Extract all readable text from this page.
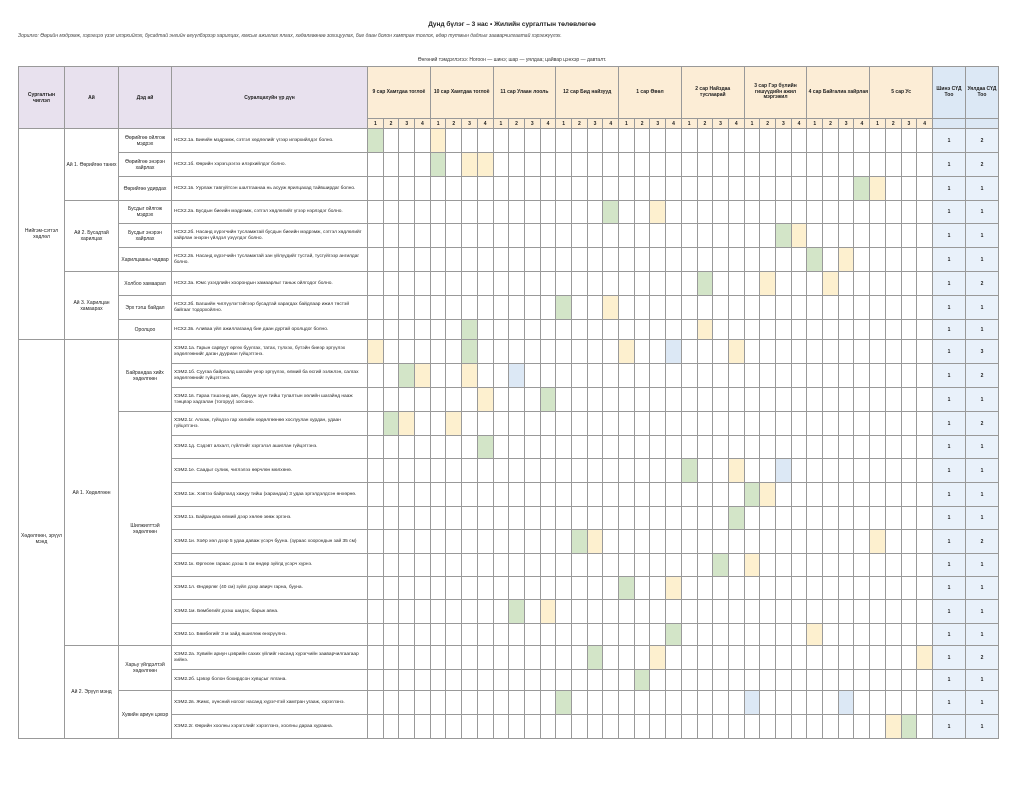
Дунд бүлэг – 3 нас • Жилийн сургалтын төлөвлөгөө
Зорилго: Өөрийн мэдрэмж, хэрэгцээ үзэл илэрхийлэх, бусадтай энгийн өгүүлбэрээр харилцах, юмсыг ажиглах ялгах, хөдөлгөөнөө зохицуулах, биe даан болон хамтран тоглох, өдөр тутмын дадлыг зааварчилгаатай хэрэгжүүлэх.
Өнгөний тэмдэглэгээ: Ногоон — шинэ; шар — уялдаа; цайвар цэнхэр — давталт.
Сургалтын чиглэл	Ай	Дэд ай	Суралцахуйн үр дүн	9 сар Хамтдаа тоглоё				10 сар Хамтдаа тоглоё				11 сар Улаан лооль				12 сар Бид найзууд				1 сар Өвөл				2 сар Найздаа туслаарай				3 сар Гэр бүлийн гишүүдийн ажил мэргэжил				4 сар Байгалиа хайрлая				5 сар Ус				Шинэ СҮД Тоо	Уялдаа СҮД Тоо
				1	2	3	4	1	2	3	4	1	2	3	4	1	2	3	4	1	2	3	4	1	2	3	4	1	2	3	4	1	2	3	4	1	2	3	4		
Нийгэм-сэтгэл хөдлөл	Ай 1. Өөрийгөө таних	Өөрийгөө ойлгож мэдрэх	НСХ2.1а. Биеийн мэдрэмж, сэтгэл хөдлөлийг үгээр илэрхийлдэг болно.																																					1	2
		Өөрийгөө энэрэн хайрлах	НСХ2.1б. Өөрийн хэрэгцээгээ илэрхийлдэг болно.																																					1	2
		Өөрийгөө удирдах	НСХ2.1в. Уурлаж тавгүйтсэн шалтгаанаа нь асууж ярилцахад тайвширдаг болно.																																					1	1
	Ай 2. Бусадтай харилцах	Бусдыг ойлгож мэдрэх	НСХ2.2а. Бусдын биеийн мэдрэмж, сэтгэл хөдлөлийг үгээр нэрлэдэг болно.																																					1	1
		Бусдыг энэрэн хайрлах	НСХ2.2б. Насанд хүрэгчийн тусламжтай бусдын биеийн мэдрэмж, сэтгэл хөдлөлийг хайрлан энэрэн үйлдэл үзүүлдэг болно.																																					1	1
		Харилцааны чадвар	НСХ2.2в. Насанд хүрэгчийн тусламжтай зан үйлүүдийг тустай, тусгүйгээр ангилдаг болно.																																					1	1
	Ай 3. Харилцан хамаарах	Холбоо хамаарал	НСХ2.3а. Юмс үзэгдлийн хоорондын хамаарлыг таньж ойлгодог болно.																																					1	2
		Эрх тэгш байдал	НСХ2.3б. Багшийн чиглүүлэгтэйгээр бусадтай харагдах байдлаар ижил төстэй байгааг тодорхойлно.																																					1	1
		Оролцоо	НСХ2.3в. Аливаа үйл ажиллагаанд бие даан дуртай оролцдог болно.																																					1	1
Хөдөлгөөн, эрүүл мэнд	Ай 1. Хөдөлгөөн	Байрандаа хийх хөдөлгөөн	ХЭМ2.1а. Гарын сарвуут өргөх буулгах, татах, түлхэх, бүтэйн биеэр эргүүлэх хөдөлгөөнийг даган дууриан гүйцэтгэнэ.																																					1	3
			ХЭМ2.1б. Суугаа байрлалд шагайн үеэр эргүүлэх, өлмий ба өсгий ээлжлэн, салгах хөдөлгөөнийг гүйцэтгэнэ.																																					1	2
			ХЭМ2.1в. Гараа тэшээнд авч, баруун зүүн тийш тулалтын хөлийн шагайнд нааж тэнцвэр хадгалан (тогоруу) зогсоно.																																					1	1
		Шилжилттэй хөдөлгөөн	ХЭМ2.1г. Алхаж, гүйхдээ гар хөлийн хөдөлгөөнөө хослуулан хурдан, удаан гүйцэтгэнэ.																																					1	2
			ХЭМ2.1д. Сэдэвт алхалт, гүйлтийг хэргэлэл ашиглан гүйцэтгэнэ.																																					1	1
			ХЭМ2.1е. Саадыг сулиж, чиглэлээ өөрчлөн мөлхөнө.																																					1	1
			ХЭМ2.1ж. Хэвтээ байрлалд хажуу тийш (харандаа) 3 удаа эргэлдэлдсэн өнхөрнө.																																					1	1
			ХЭМ2.1з. Байрандаа өлмий дээр хөлөө зөөж эргэнэ.																																					1	1
			ХЭМ2.1и. Хоёр хөл дээр 5 удаа даваж үсэрч буунa. (зураас хоорондын зай 35 см)																																					1	2
			ХЭМ2.1к. Өргөсөн гараас дээш 5 см өндөр зүйлд үсэрч хүрнэ.																																					1	1
			ХЭМ2.1л. Өндөрлөг (40 см) зүйл дээр авирч гарна, бууна.																																					1	1
			ХЭМ2.1м. Бөмбөгийг дээш шидэх, барьж авна.																																					1	1
			ХЭМ2.1о. Бөмбөгийг 3 м зайд өшиглөж өнхрүүлнэ.																																					1	1
	Ай 2. Эрүүл мэнд	Харьу үйлдэлтэй хөдөлгөөн	ХЭМ2.2а. Хувийн ариун цэврийн сахих үйлийг насанд хүрэгчийн зааварчилгаагаар хийнэ.																																					1	2
			ХЭМ2.2б. Цэвэр болон бохирдсон хувцсыг ялгана.																																					1	1
		Хувийн ариун цэвэр	ХЭМ2.2в. Жимс, хүнсний ногоог насанд хүрэгчтэй хамтран угааж, хэрэглэнэ.																																					1	1
			ХЭМ2.2г. Өөрийн хоолны хэрэгслийг хэрэглэнэ, хоолны дараа хураана.																																					1	1
